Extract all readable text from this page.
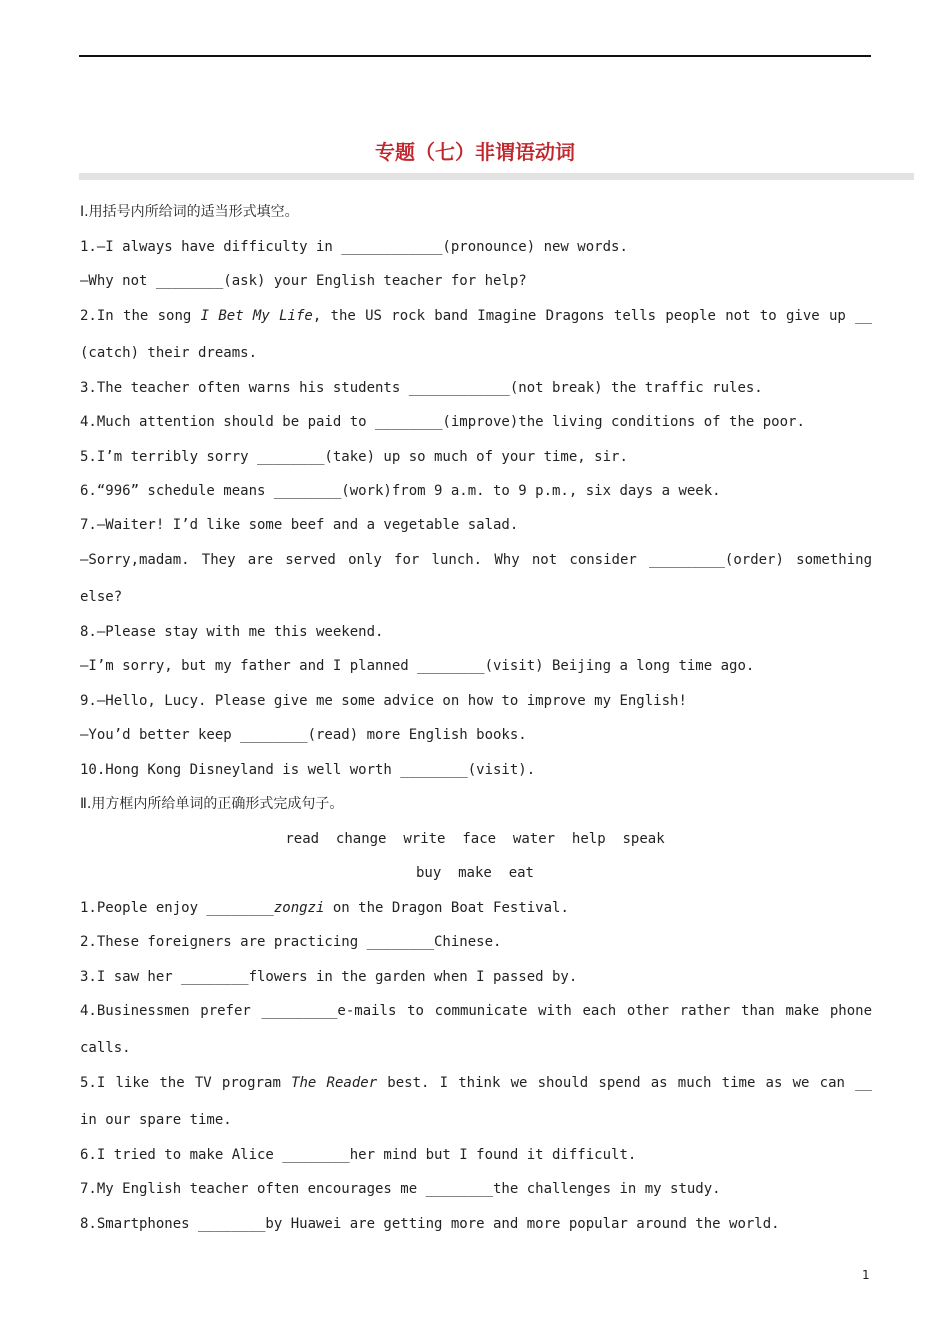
专题（七）非谓语动词
Ⅰ.用括号内所给词的适当形式填空。
1.—I always have difficulty in ____________(pronounce) new words.
—Why not ________(ask) your English teacher for help?
2.In the song I Bet My Life, the US rock band Imagine Dragons tells people not to give up __
(catch) their dreams.
3.The teacher often warns his students ____________(not break) the traffic rules.
4.Much attention should be paid to ________(improve)the living conditions of the poor.
5.I’m terribly sorry ________(take) up so much of your time, sir.
6.“996” schedule means ________(work)from 9 a.m. to 9 p.m., six days a week.
7.—Waiter! I’d like some beef and a vegetable salad.
—Sorry,madam. They are served only for lunch. Why not consider _________(order) something
else?
8.—Please stay with me this weekend.
—I’m sorry, but my father and I planned ________(visit) Beijing a long time ago.
9.—Hello, Lucy. Please give me some advice on how to improve my English!
—You’d better keep ________(read) more English books.
10.Hong Kong Disneyland is well worth ________(visit).
Ⅱ.用方框内所给单词的正确形式完成句子。
read  change  write  face  water  help  speak
buy  make  eat
1.People enjoy ________zongzi on the Dragon Boat Festival.
2.These foreigners are practicing ________Chinese.
3.I saw her ________flowers in the garden when I passed by.
4.Businessmen prefer _________e-mails to communicate with each other rather than make phone
calls.
5.I like the TV program The Reader best. I think we should spend as much time as we can __
in our spare time.
6.I tried to make Alice ________her mind but I found it difficult.
7.My English teacher often encourages me ________the challenges in my study.
8.Smartphones ________by Huawei are getting more and more popular around the world.
1
